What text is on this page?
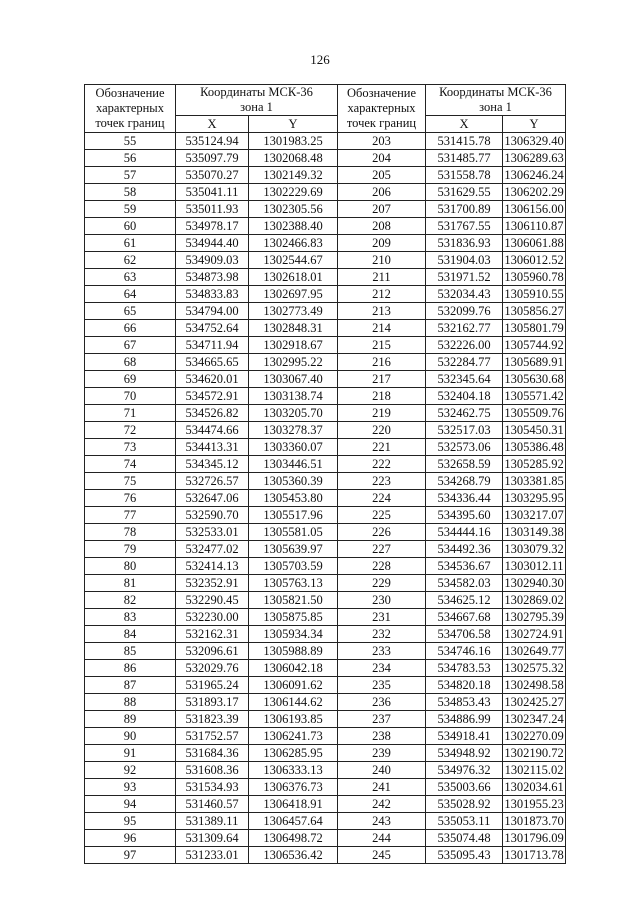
126
Обозначение
характерных
точек границ	Координаты МСК-36
зона 1		Обозначение
характерных
точек границ	Координаты МСК-36
зона 1	
	X	Y		X	Y
55	535124.94	1301983.25	203	531415.78	1306329.40
56	535097.79	1302068.48	204	531485.77	1306289.63
57	535070.27	1302149.32	205	531558.78	1306246.24
58	535041.11	1302229.69	206	531629.55	1306202.29
59	535011.93	1302305.56	207	531700.89	1306156.00
60	534978.17	1302388.40	208	531767.55	1306110.87
61	534944.40	1302466.83	209	531836.93	1306061.88
62	534909.03	1302544.67	210	531904.03	1306012.52
63	534873.98	1302618.01	211	531971.52	1305960.78
64	534833.83	1302697.95	212	532034.43	1305910.55
65	534794.00	1302773.49	213	532099.76	1305856.27
66	534752.64	1302848.31	214	532162.77	1305801.79
67	534711.94	1302918.67	215	532226.00	1305744.92
68	534665.65	1302995.22	216	532284.77	1305689.91
69	534620.01	1303067.40	217	532345.64	1305630.68
70	534572.91	1303138.74	218	532404.18	1305571.42
71	534526.82	1303205.70	219	532462.75	1305509.76
72	534474.66	1303278.37	220	532517.03	1305450.31
73	534413.31	1303360.07	221	532573.06	1305386.48
74	534345.12	1303446.51	222	532658.59	1305285.92
75	532726.57	1305360.39	223	534268.79	1303381.85
76	532647.06	1305453.80	224	534336.44	1303295.95
77	532590.70	1305517.96	225	534395.60	1303217.07
78	532533.01	1305581.05	226	534444.16	1303149.38
79	532477.02	1305639.97	227	534492.36	1303079.32
80	532414.13	1305703.59	228	534536.67	1303012.11
81	532352.91	1305763.13	229	534582.03	1302940.30
82	532290.45	1305821.50	230	534625.12	1302869.02
83	532230.00	1305875.85	231	534667.68	1302795.39
84	532162.31	1305934.34	232	534706.58	1302724.91
85	532096.61	1305988.89	233	534746.16	1302649.77
86	532029.76	1306042.18	234	534783.53	1302575.32
87	531965.24	1306091.62	235	534820.18	1302498.58
88	531893.17	1306144.62	236	534853.43	1302425.27
89	531823.39	1306193.85	237	534886.99	1302347.24
90	531752.57	1306241.73	238	534918.41	1302270.09
91	531684.36	1306285.95	239	534948.92	1302190.72
92	531608.36	1306333.13	240	534976.32	1302115.02
93	531534.93	1306376.73	241	535003.66	1302034.61
94	531460.57	1306418.91	242	535028.92	1301955.23
95	531389.11	1306457.64	243	535053.11	1301873.70
96	531309.64	1306498.72	244	535074.48	1301796.09
97	531233.01	1306536.42	245	535095.43	1301713.78
